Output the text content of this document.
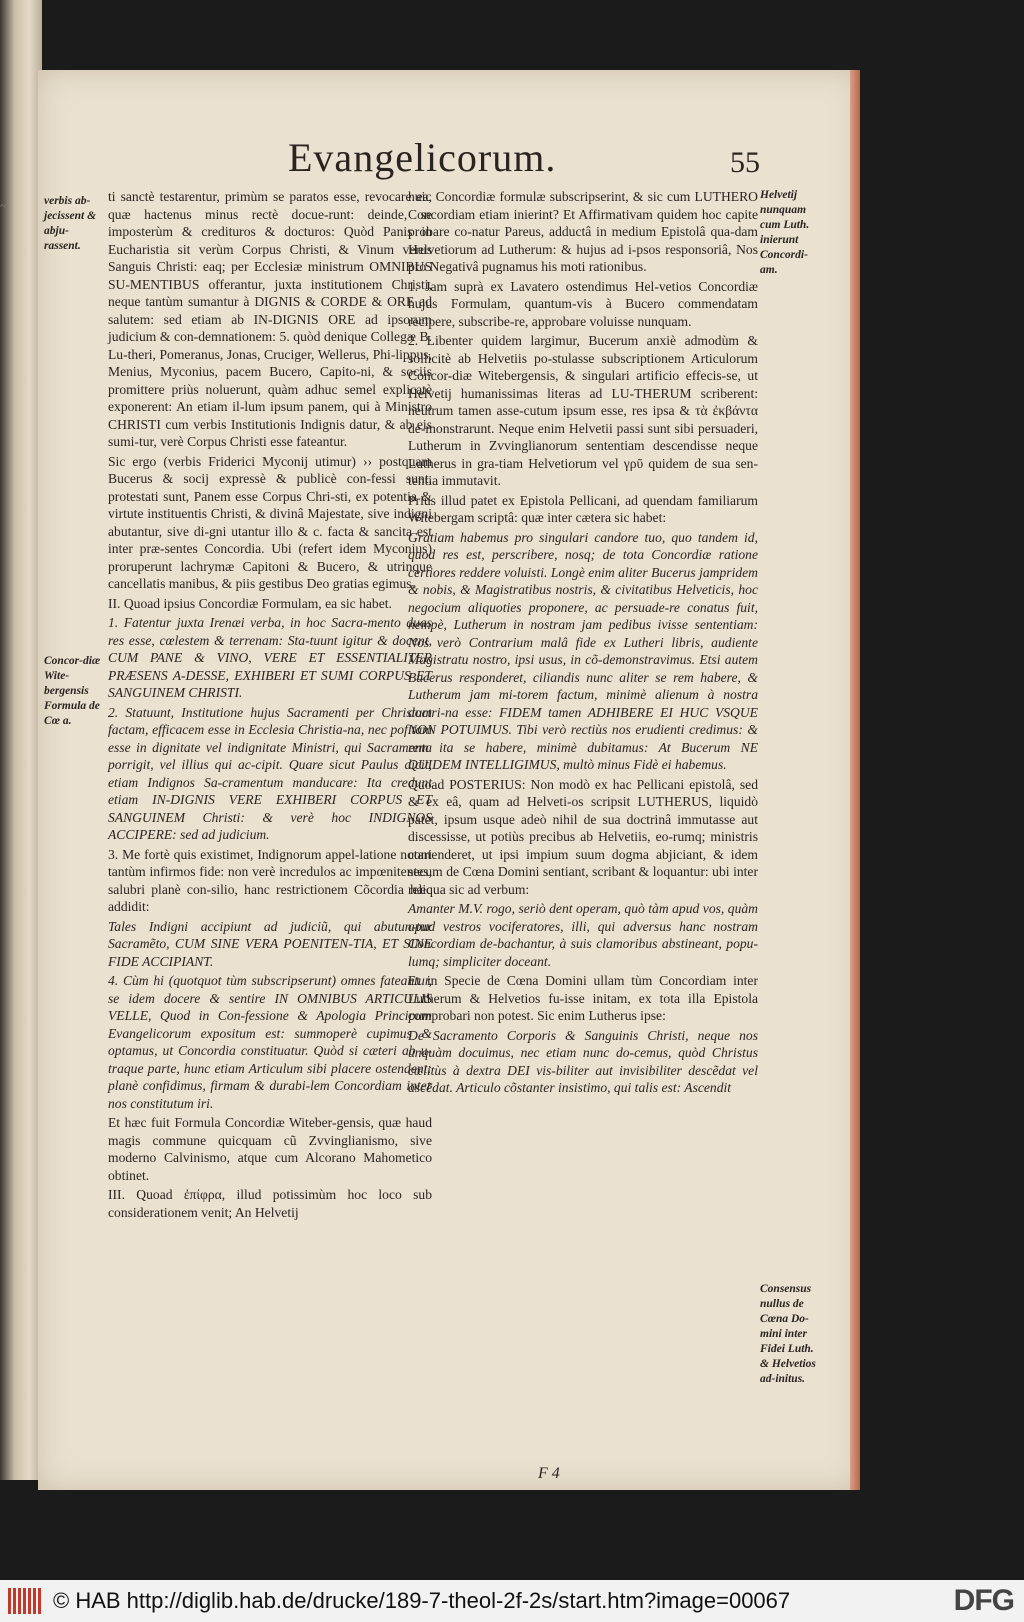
~
Evangelicorum.	55
verbis ab-jecissent & abju-rassent.
Concor-diæ Wite-bergensis Formula de Cœ a.
Helvetij nunquam cum Luth. inierunt Concordi-am.
Consensus nullus de Cœna Do-mini inter Fidei Luth. & Helvetios ad-initus.

ti sanctè testarentur, primùm se paratos esse, revocare ea, quæ hactenus minus rectè docue-runt: deinde, se imposterùm & credituros & docturos: Quòd Panis in Eucharistia sit verùm Corpus Christi, & Vinum verus Sanguis Christi: eaq; per Ecclesiæ ministrum OMNIBUS SU-MENTIBUS offerantur, juxta institutionem Christi, neque tantùm sumantur à DIGNIS & CORDE & ORE ad salutem: sed etiam ab IN-DIGNIS ORE ad ipsorum judicium & con-demnationem: 5. quòd denique Collegæ B. Lu-theri, Pomeranus, Jonas, Cruciger, Wellerus, Phi-lippus, Menius, Myconius, pacem Bucero, Capito-ni, & sociis promittere priùs noluerunt, quàm adhuc semel explicatè exponerent: An etiam il-lum ipsum panem, qui à Ministro CHRISTI cum verbis Institutionis Indignis datur, & ab eis sumi-tur, verè Corpus Christi esse fateantur.

Sic ergo (verbis Friderici Myconij utimur) ›› postquam Bucerus & socij expressè & publicè con-fessi sunt, protestati sunt, Panem esse Corpus Chri-sti, ex potentia & virtute instituentis Christi, & divinâ Majestate, sive indigni abutantur, sive di-gni utantur illo & c. facta & sancita est inter præ-sentes Concordia. Ubi (refert idem Myconius) proruperunt lachrymæ Capitoni & Bucero, & utrinque cancellatis manibus, & piis gestibus Deo gratias egimus.

II. Quoad ipsius Concordiæ Formulam, ea sic habet.

1. Fatentur juxta Irenæi verba, in hoc Sacra-mento duas res esse, cœlestem & terrenam: Sta-tuunt igitur & docent, CUM PANE & VINO, VERE ET ESSENTIALITER PRÆSENS A-DESSE, EXHIBERI ET SUMI CORPUS ET SANGUINEM CHRISTI.

2. Statuunt, Institutione hujus Sacramenti per Christum factam, efficacem esse in Ecclesia Christia-na, nec pofitam esse in dignitate vel indignitate Ministri, qui Sacramenta porrigit, vel illius qui ac-cipit. Quare sicut Paulus dicit, etiam Indignos Sa-cramentum manducare: Ita credunt etiam IN-DIGNIS VERE EXHIBERI CORPUS ET SANGUINEM Christi: & verè hoc INDIGNOS ACCIPERE: sed ad judicium.

3. Me fortè quis existimet, Indignorum appel-latione notari tantùm infirmos fide: non verè incredulos ac impœnitentes, salubri planè con-silio, hanc restrictionem Cõcordia hæc addidit:

Tales Indigni accipiunt ad judiciũ, qui abutun-tur Sacramẽto, CUM SINE VERA POENITEN-TIA, ET SINE FIDE ACCIPIANT.

4. Cùm hi (quotquot tùm subscripserunt) omnes fateantur, se idem docere & sentire IN OMNIBUS ARTICULIS VELLE, Quod in Con-fessione & Apologia Principum Evangelicorum expositum est: summoperè cupimus & optamus, ut Concordia constituatur. Quòd si cæteri ab u-traque parte, hunc etiam Articulum sibi placere ostendent: planè confidimus, firmam & durabi-lem Concordiam inter nos constitutum iri.

Et hæc fuit Formula Concordiæ Witeber-gensis, quæ haud magis commune quicquam cũ Zvvinglianismo, sive moderno Calvinismo, atque cum Alcorano Mahometico obtinet.

III. Quoad ἐπίφρα, illud potissimùm hoc loco sub considerationem venit; An Helvetij

huic Concordiæ formulæ subscripserint, & sic cum LUTHERO Concordiam etiam inierint? Et Affirmativam quidem hoc capite probare co-natur Pareus, adductâ in medium Epistolâ qua-dam Helvetiorum ad Lutherum: & hujus ad i-psos responsoriâ, Nos pro Negativâ pugnamus his moti rationibus.

1. Jam suprà ex Lavatero ostendimus Hel-vetios Concordiæ hujus Formulam, quantum-vis à Bucero commendatam recipere, subscribe-re, approbare voluisse nunquam.

2. Libenter quidem largimur, Bucerum anxiè admodùm & sollicitè ab Helvetiis po-stulasse subscriptionem Articulorum Concor-diæ Witebergensis, & singulari artificio effecis-se, ut Helvetij humanissimas literas ad LU-THERUM scriberent: neutrum tamen asse-cutum ipsum esse, res ipsa & τὰ ἐκβάντα de-monstrarunt. Neque enim Helvetii passi sunt sibi persuaderi, Lutherum in Zvvinglianorum sententiam descendisse neque Lutherus in gra-tiam Helvetiorum vel γρῦ quidem de sua sen-tentia immutavit.

Prius illud patet ex Epistola Pellicani, ad quendam familiarum Witebergam scriptâ: quæ inter cætera sic habet:

Gratiam habemus pro singulari candore tuo, quo tandem id, quod res est, perscribere, nosq; de tota Concordiæ ratione certiores reddere voluisti. Longè enim aliter Bucerus jampridem & nobis, & Magistratibus nostris, & civitatibus Helveticis, hoc negocium aliquoties proponere, ac persuade-re conatus fuit, nempè, Lutherum in nostram jam pedibus ivisse sententiam: Nos verò Contrarium malâ fide ex Lutheri libris, audiente Magistratu nostro, ipsi usus, in cõ-demonstravimus. Etsi autem Bucerus responderet, ciliandis nunc aliter se rem habere, & Lutherum jam mi-torem factum, minimè alienum à nostra doctri-na esse: FIDEM tamen ADHIBERE EI HUC VSQUE NON POTUIMUS. Tibi verò rectiùs nos erudienti credimus: & rem ita se habere, minimè dubitamus: At Bucerum NE QUIDEM INTELLIGIMUS, multò minus Fidè ei habemus.

Quoad POSTERIUS: Non modò ex hac Pellicani epistolâ, sed & ex eâ, quam ad Helveti-os scripsit LUTHERUS, liquidò patet, ipsum usque adeò nihil de sua doctrinâ immutasse aut discessisse, ut potiùs precibus ab Helvetiis, eo-rumq; ministris contenderet, ut ipsi impium suum dogma abjiciant, & idem secum de Cœna Domini sentiant, scribant & loquantur: ubi inter reliqua sic ad verbum:

Amanter M.V. rogo, seriò dent operam, quò tàm apud vos, quàm apud vestros vociferatores, illi, qui adversus hanc nostram Concordiam de-bachantur, à suis clamoribus abstineant, popu-lumq; simpliciter doceant.

Et in Specie de Cœna Domini ullam tùm Concordiam inter Lutherum & Helvetios fu-isse initam, ex tota illa Epistola comprobari non potest. Sic enim Lutherus ipse:

De Sacramento Corporis & Sanguinis Christi, neque nos unquàm docuimus, nec etiam nunc do-cemus, quòd Christus cœlitùs à dextra DEI vis-biliter aut invisibiliter descẽdat vel ascẽdat. Articulo cõstanter insistimo, qui talis est: Ascendit

F 4
© HAB http://diglib.hab.de/drucke/189-7-theol-2f-2s/start.htm?image=00067	DFG
